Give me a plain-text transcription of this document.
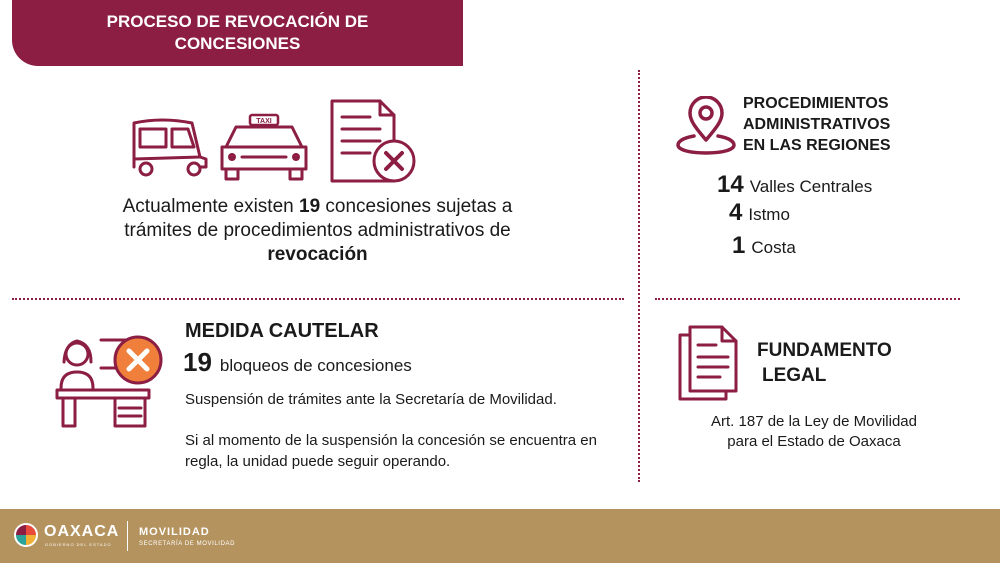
PROCESO DE REVOCACIÓN DE
CONCESIONES
TAXI
Actualmente existen 19 concesiones sujetas a
trámites de procedimientos administrativos de
revocación
PROCEDIMIENTOS
ADMINISTRATIVOS
EN LAS REGIONES
14 Valles Centrales
4 Istmo
1 Costa
MEDIDA CAUTELAR
19 bloqueos de concesiones
Suspensión de trámites ante la Secretaría de Movilidad.
Si al momento de la suspensión la concesión se encuentra en regla, la unidad puede seguir operando.
FUNDAMENTO
LEGAL
Art. 187 de la Ley de Movilidad
para el Estado de Oaxaca
OAXACA
GOBIERNO DEL ESTADO
MOVILIDAD
SECRETARÍA DE MOVILIDAD
